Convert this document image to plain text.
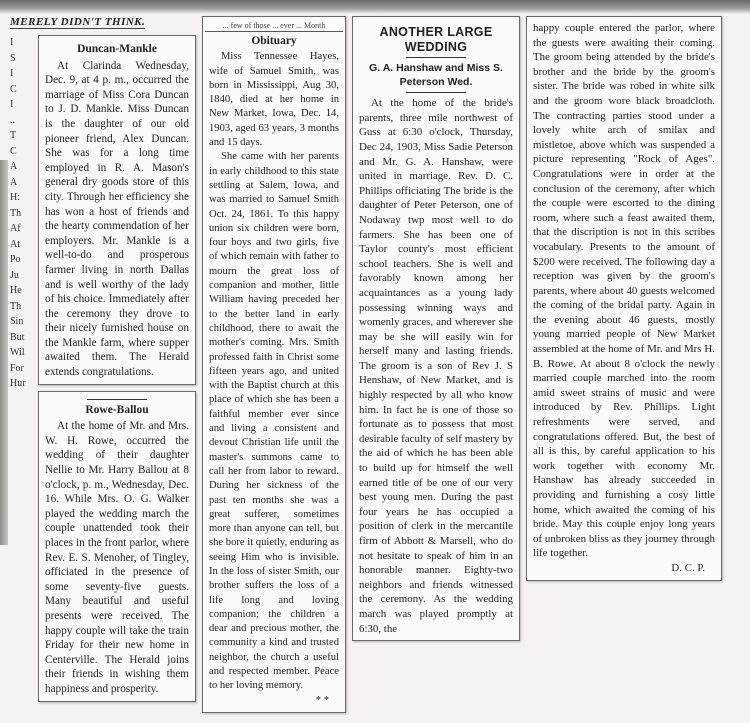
MERELY DIDN'T THINK.
I
S
I
C
I
..
T
C
A
A
H:
Th
Af
At
Po
Ju
He
Th
Sin
But
Wil
For
Hur
Duncan-Mankle

At Clarinda Wednesday, Dec. 9, at 4 p. m., occurred the marriage of Miss Cora Duncan to J. D. Mankle. Miss Duncan is the daughter of our old pioneer friend, Alex Duncan. She was for a long time employed in R. A. Mason's general dry goods store of this city. Through her efficiency she has won a host of friends and the hearty commendation of her employers. Mr. Mankle is a well-to-do and prosperous farmer living in north Dallas and is well worthy of the lady of his choice. Immediately after the ceremony they drove to their nicely furnished house on the Mankle farm, where supper awaited them. The Herald extends congratulations.

Rowe-Ballou

At the home of Mr. and Mrs. W. H. Rowe, occurred the wedding of their daughter Nellie to Mr. Harry Ballou at 8 o'clock, p. m., Wednesday, Dec. 16. While Mrs. O. G. Walker played the wedding march the couple unattended took their places in the front parlor, where Rev. E. S. Menoher, of Tingley, officiated in the presence of some seventy-five guests. Many beautiful and useful presents were received. The happy couple will take the train Friday for their new home in Centerville. The Herald joins their friends in wishing them happiness and prosperity.

... few of those ... ever ... Month
Obituary

Miss Tennessee Hayes, wife of Samuel Smith, was born in Mississippi, Aug 30, 1840, died at her home in New Market, Iowa, Dec. 14, 1903, aged 63 years, 3 months and 15 days.

She came with her parents in early childhood to this state settling at Salem, Iowa, and was married to Samuel Smith Oct. 24, 1861. To this happy union six children were born, four boys and two girls, five of which remain with father to mourn the great loss of companion and mother, little William having preceded her to the better land in early childhood, there to await the mother's coming. Mrs. Smith professed faith in Christ some fifteen years ago, and united with the Baptist church at this place of which she has been a faithful member ever since and living a consistent and devout Christian life until the master's summons came to call her from labor to reward. During her sickness of the past ten months she was a great sufferer, sometimes more than anyone can tell, but she bore it quietly, enduring as seeing Him who is invisible. In the loss of sister Smith, our brother suffers the loss of a life long and loving companion; the children a dear and precious mother, the community a kind and trusted neighbor, the church a useful and respected member. Peace to her loving memory.

* *
ANOTHER LARGE WEDDING
G. A. Hanshaw and Miss S. Peterson Wed.

At the home of the bride's parents, three mile northwest of Guss at 6:30 o'clock, Thursday, Dec 24, 1903, Miss Sadie Peterson and Mr. G. A. Hanshaw, were united in marriage. Rev. D. C. Phillips officiating The bride is the daughter of Peter Peterson, one of Nodaway twp most well to do farmers. She has been one of Taylor county's most efficient school teachers. She is well and favorably known among her acquaintances as a young lady possessing winning ways and womenly graces, and wherever she may be she will easily win for herself many and lasting friends. The groom is a son of Rev J. S Henshaw, of New Market, and is highly respected by all who know him. In fact he is one of those so fortunate as to possess that most desirable faculty of self mastery by the aid of which he has been able to build up for himself the well earned title of be one of our very best young men. During the past four years he has occupied a position of clerk in the mercantile firm of Abbott & Marsell, who do not hesitate to speak of him in an honorable manner. Eighty-two neighbors and friends witnessed the ceremony. As the wedding march was played promptly at 6:30, the

happy couple entered the parlor, where the guests were awaiting their coming. The groom being attended by the bride's brother and the bride by the groom's sister. The bride was robed in white silk and the groom wore black broadcloth. The contracting parties stood under a lovely white arch of smilax and mistletoe, above which was suspended a picture representing "Rock of Ages". Congratulations were in order at the conclusion of the ceremony, after which the couple were escorted to the dining room, where such a feast awaited them, that the discription is not in this scribes vocabulary. Presents to the amount of $200 were received. The following day a reception was given by the groom's parents, where about 40 guests welcomed the coming of the bridal party. Again in the evening about 46 guests, mostly young married people of New Market assembled at the home of Mr. and Mrs H. B. Rowe. At about 8 o'clock the newly married couple marched into the room amid sweet strains of music and were introduced by Rev. Phillips. Light refreshments were served, and congratulations offered. But, the best of all is this, by careful application to his work together with economy Mr. Hanshaw has already succeeded in providing and furnishing a cosy little home, which awaited the coming of his bride. May this couple enjoy long years of unbroken bliss as they journey through life together.

D. C. P.
